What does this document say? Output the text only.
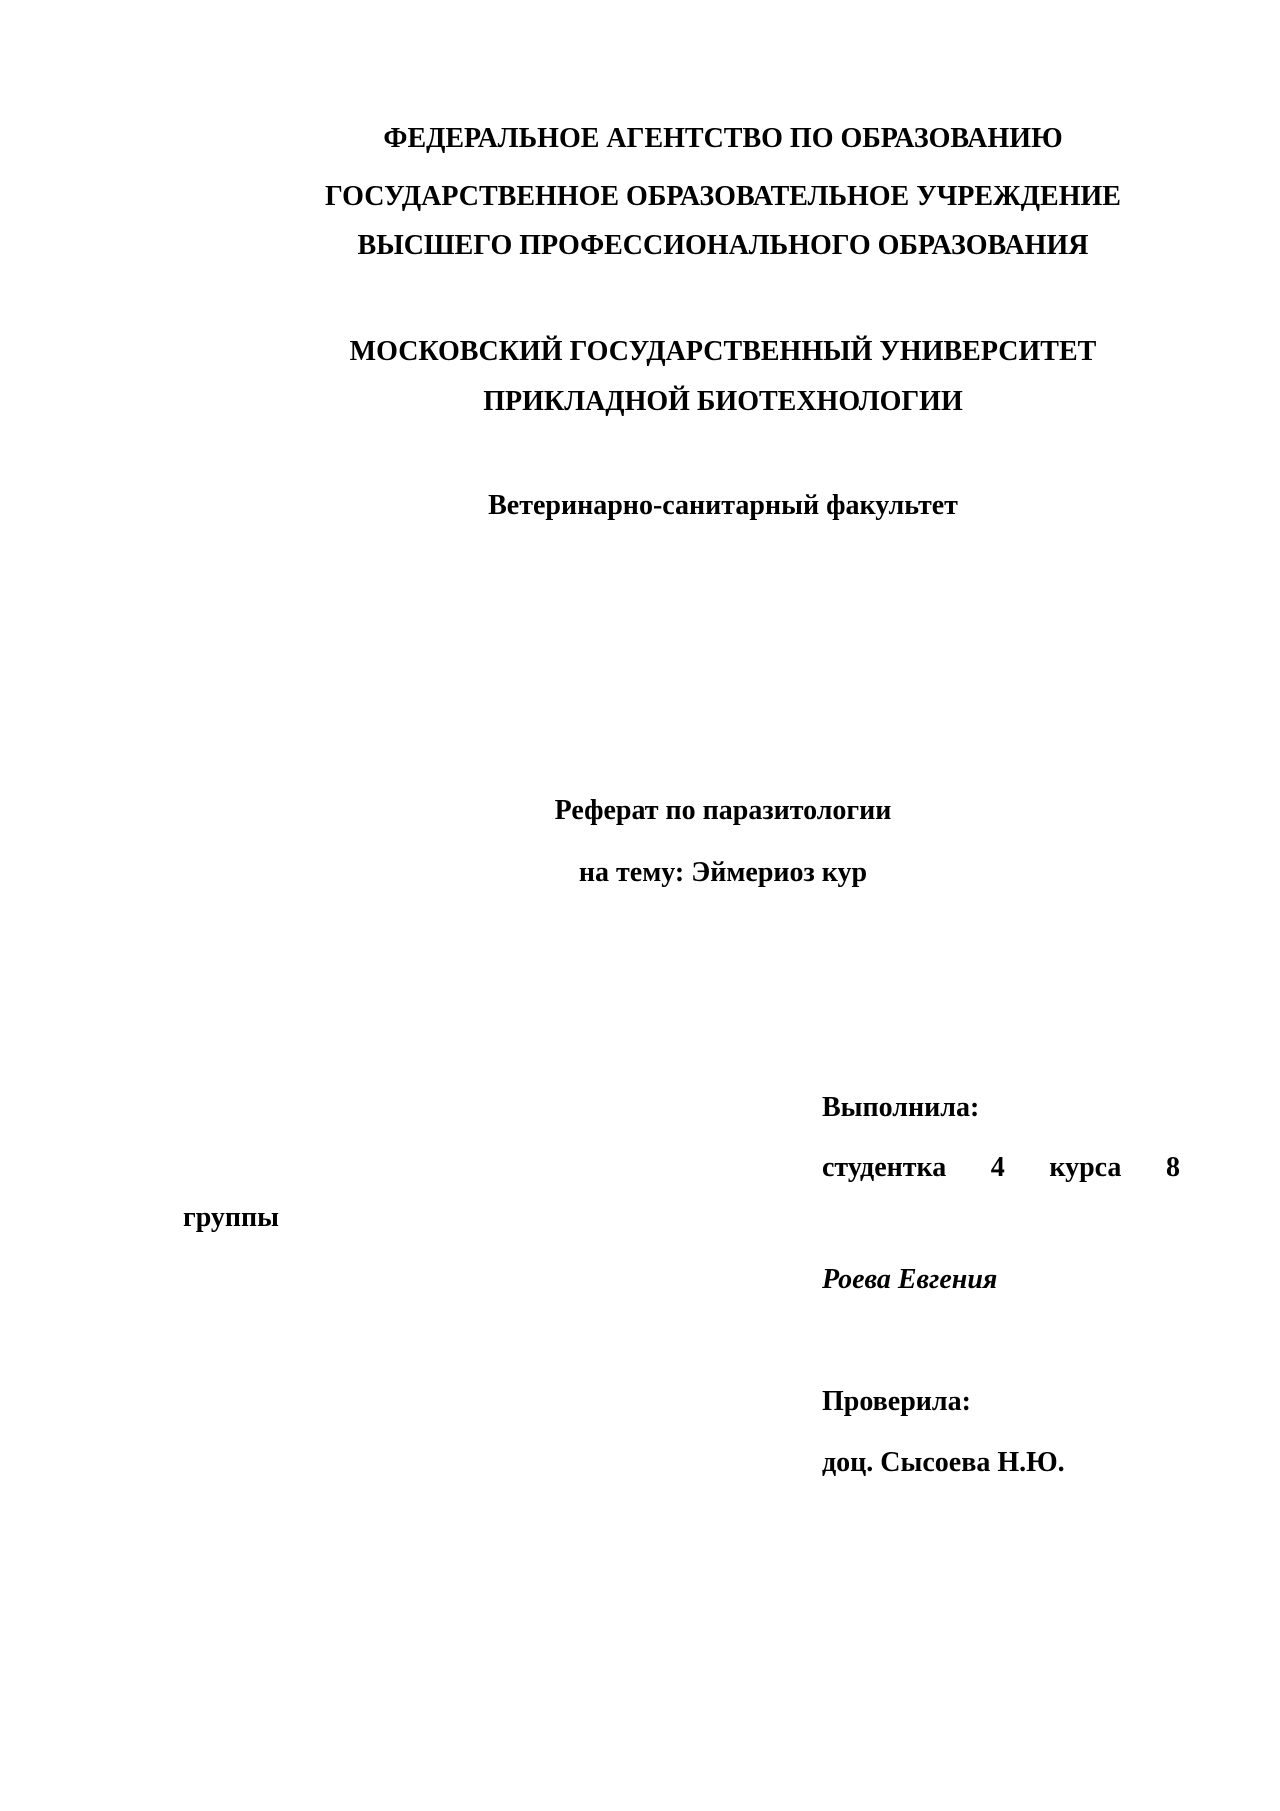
ФЕДЕРАЛЬНОЕ АГЕНТСТВО ПО ОБРАЗОВАНИЮ
ГОСУДАРСТВЕННОЕ ОБРАЗОВАТЕЛЬНОЕ УЧРЕЖДЕНИЕ
ВЫСШЕГО ПРОФЕССИОНАЛЬНОГО ОБРАЗОВАНИЯ
МОСКОВСКИЙ ГОСУДАРСТВЕННЫЙ УНИВЕРСИТЕТ
ПРИКЛАДНОЙ БИОТЕХНОЛОГИИ
Ветеринарно-санитарный факультет
Реферат по паразитологии
на тему: Эймериоз кур
Выполнила:
студентка 4 курса 8
группы
Роева Евгения
Проверила:
доц. Сысоева Н.Ю.
